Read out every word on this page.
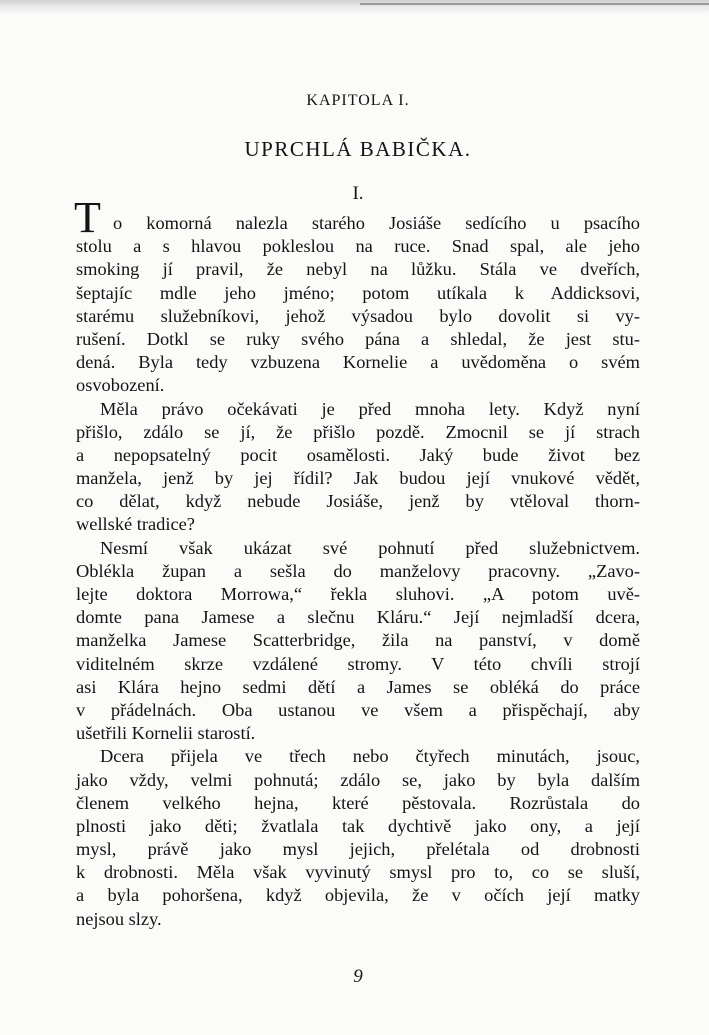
KAPITOLA I.
UPRCHLÁ BABIČKA.
I.
T o komorná nalezla starého Josiáše sedícího u psacího
stolu a s hlavou pokleslou na ruce. Snad spal, ale jeho
smoking jí pravil, že nebyl na lůžku. Stála ve dveřích,
šeptajíc mdle jeho jméno; potom utíkala k Addicksovi,
starému služebníkovi, jehož výsadou bylo dovolit si vy-
rušení. Dotkl se ruky svého pána a shledal, že jest stu-
dená. Byla tedy vzbuzena Kornelie a uvědoměna o svém
osvobození.
Měla právo očekávati je před mnoha lety. Když nyní
přišlo, zdálo se jí, že přišlo pozdě. Zmocnil se jí strach
a nepopsatelný pocit osamělosti. Jaký bude život bez
manžela, jenž by jej řídil? Jak budou její vnukové vědět,
co dělat, když nebude Josiáše, jenž by vtěloval thorn-
wellské tradice?
Nesmí však ukázat své pohnutí před služebnictvem.
Oblékla župan a sešla do manželovy pracovny. „Zavo-
lejte doktora Morrowa,“ řekla sluhovi. „A potom uvě-
domte pana Jamese a slečnu Kláru.“ Její nejmladší dcera,
manželka Jamese Scatterbridge, žila na panství, v domě
viditelném skrze vzdálené stromy. V této chvíli strojí
asi Klára hejno sedmi dětí a James se obléká do práce
v přádelnách. Oba ustanou ve všem a přispěchají, aby
ušetřili Kornelii starostí.
Dcera přijela ve třech nebo čtyřech minutách, jsouc,
jako vždy, velmi pohnutá; zdálo se, jako by byla dalším
členem velkého hejna, které pěstovala. Rozrůstala do
plnosti jako děti; žvatlala tak dychtivě jako ony, a její
mysl, právě jako mysl jejich, přelétala od drobnosti
k drobnosti. Měla však vyvinutý smysl pro to, co se sluší,
a byla pohoršena, když objevila, že v očích její matky
nejsou slzy.
9
